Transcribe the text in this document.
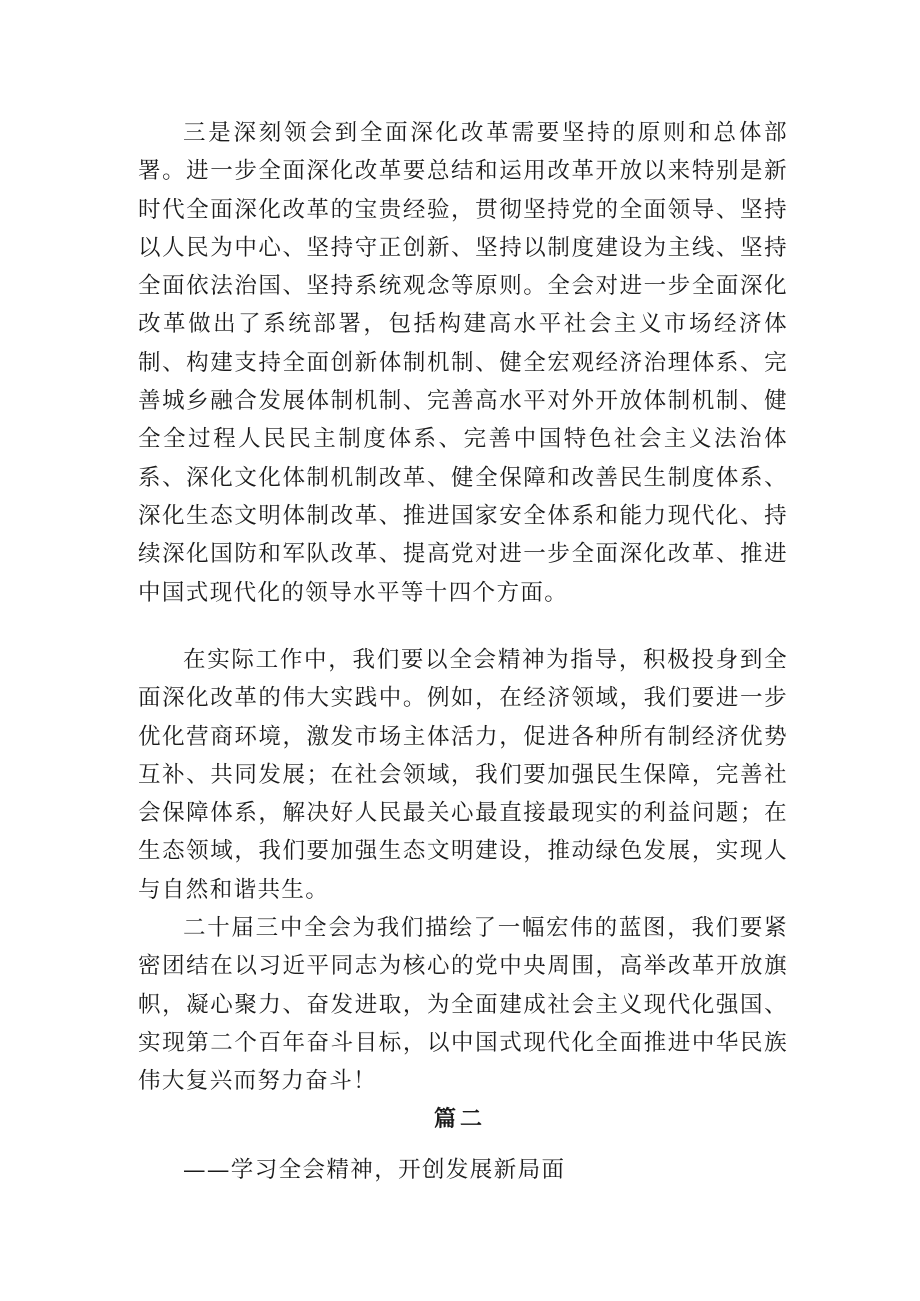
三是深刻领会到全面深化改革需要坚持的原则和总体部署。进一步全面深化改革要总结和运用改革开放以来特别是新时代全面深化改革的宝贵经验，贯彻坚持党的全面领导、坚持以人民为中心、坚持守正创新、坚持以制度建设为主线、坚持全面依法治国、坚持系统观念等原则。全会对进一步全面深化改革做出了系统部署，包括构建高水平社会主义市场经济体制、构建支持全面创新体制机制、健全宏观经济治理体系、完善城乡融合发展体制机制、完善高水平对外开放体制机制、健全全过程人民民主制度体系、完善中国特色社会主义法治体系、深化文化体制机制改革、健全保障和改善民生制度体系、深化生态文明体制改革、推进国家安全体系和能力现代化、持续深化国防和军队改革、提高党对进一步全面深化改革、推进中国式现代化的领导水平等十四个方面。

在实际工作中，我们要以全会精神为指导，积极投身到全面深化改革的伟大实践中。例如，在经济领域，我们要进一步优化营商环境，激发市场主体活力，促进各种所有制经济优势互补、共同发展；在社会领域，我们要加强民生保障，完善社会保障体系，解决好人民最关心最直接最现实的利益问题；在生态领域，我们要加强生态文明建设，推动绿色发展，实现人与自然和谐共生。

二十届三中全会为我们描绘了一幅宏伟的蓝图，我们要紧密团结在以习近平同志为核心的党中央周围，高举改革开放旗帜，凝心聚力、奋发进取，为全面建成社会主义现代化强国、实现第二个百年奋斗目标，以中国式现代化全面推进中华民族伟大复兴而努力奋斗！

篇二

——学习全会精神，开创发展新局面
